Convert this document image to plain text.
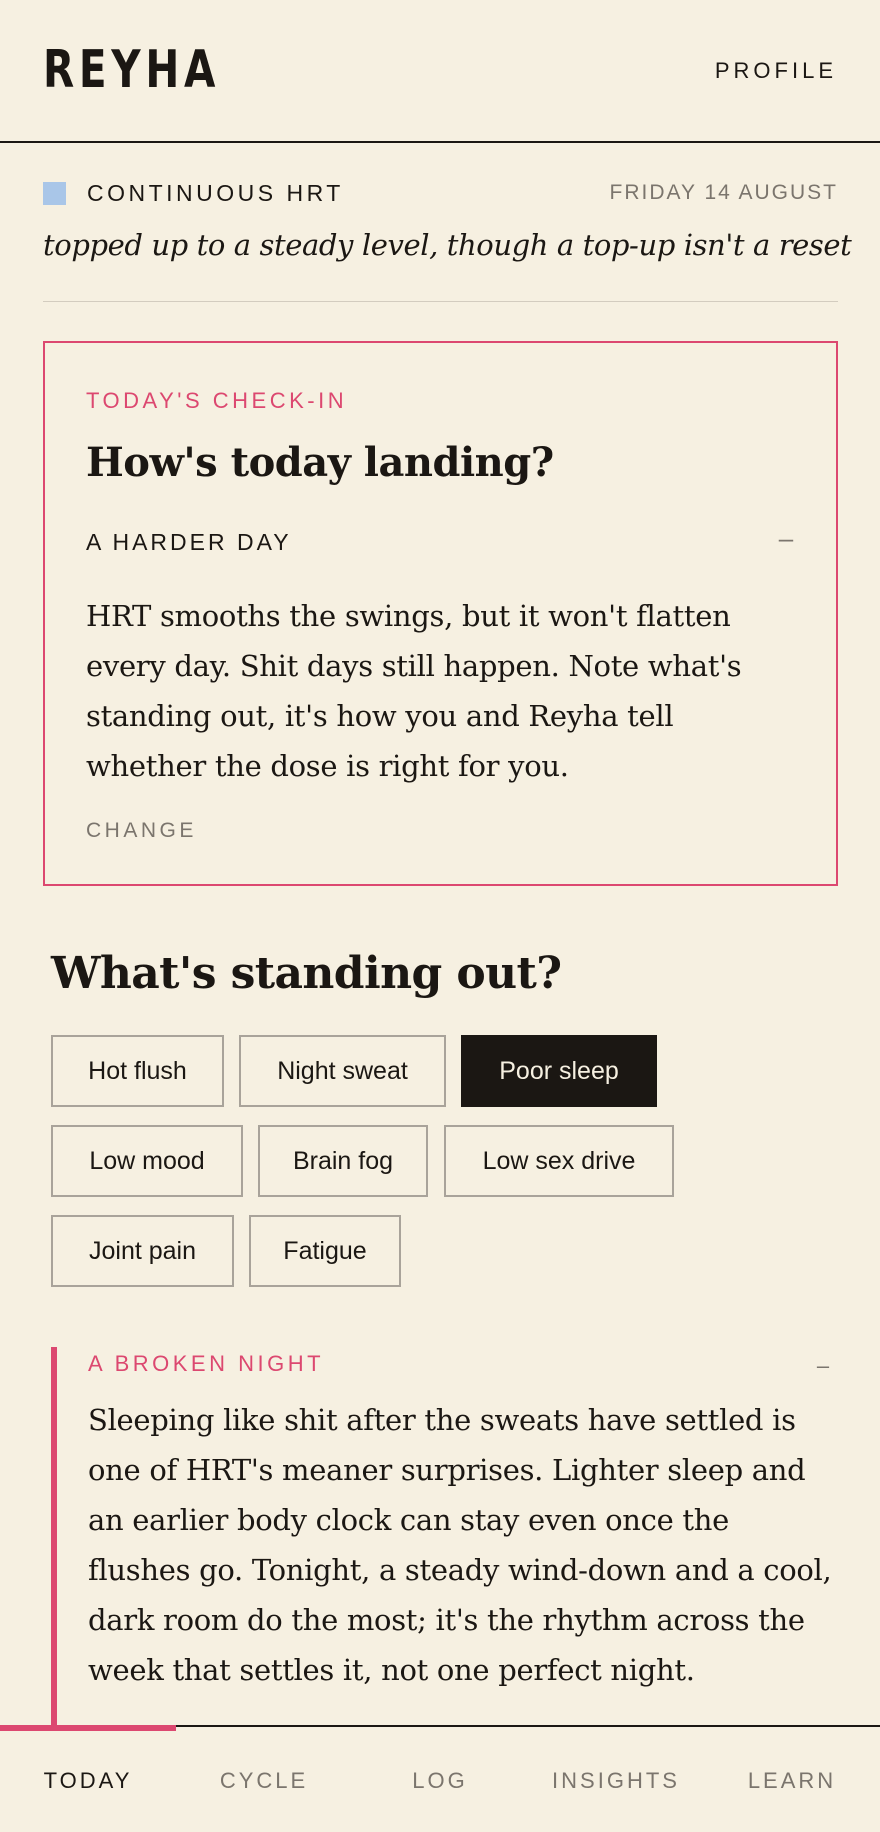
REYHA	PROFILE
CONTINUOUS HRT	FRIDAY 14 AUGUST
topped up to a steady level, though a top-up isn't a reset
TODAY'S CHECK-IN
How's today landing?
A HARDER DAY	–

HRT smooths the swings, but it won't flatten every day. Shit days still happen. Note what's standing out, it's how you and Reyha tell whether the dose is right for you.

CHANGE
What's standing out?
Hot flush	Night sweat	Poor sleep
Low mood	Brain fog	Low sex drive
Joint pain	Fatigue
A BROKEN NIGHT	–

Sleeping like shit after the sweats have settled is one of HRT's meaner surprises. Lighter sleep and an earlier body clock can stay even once the flushes go. Tonight, a steady wind-down and a cool, dark room do the most; it's the rhythm across the week that settles it, not one perfect night.

TODAY	CYCLE	LOG	INSIGHTS	LEARN
